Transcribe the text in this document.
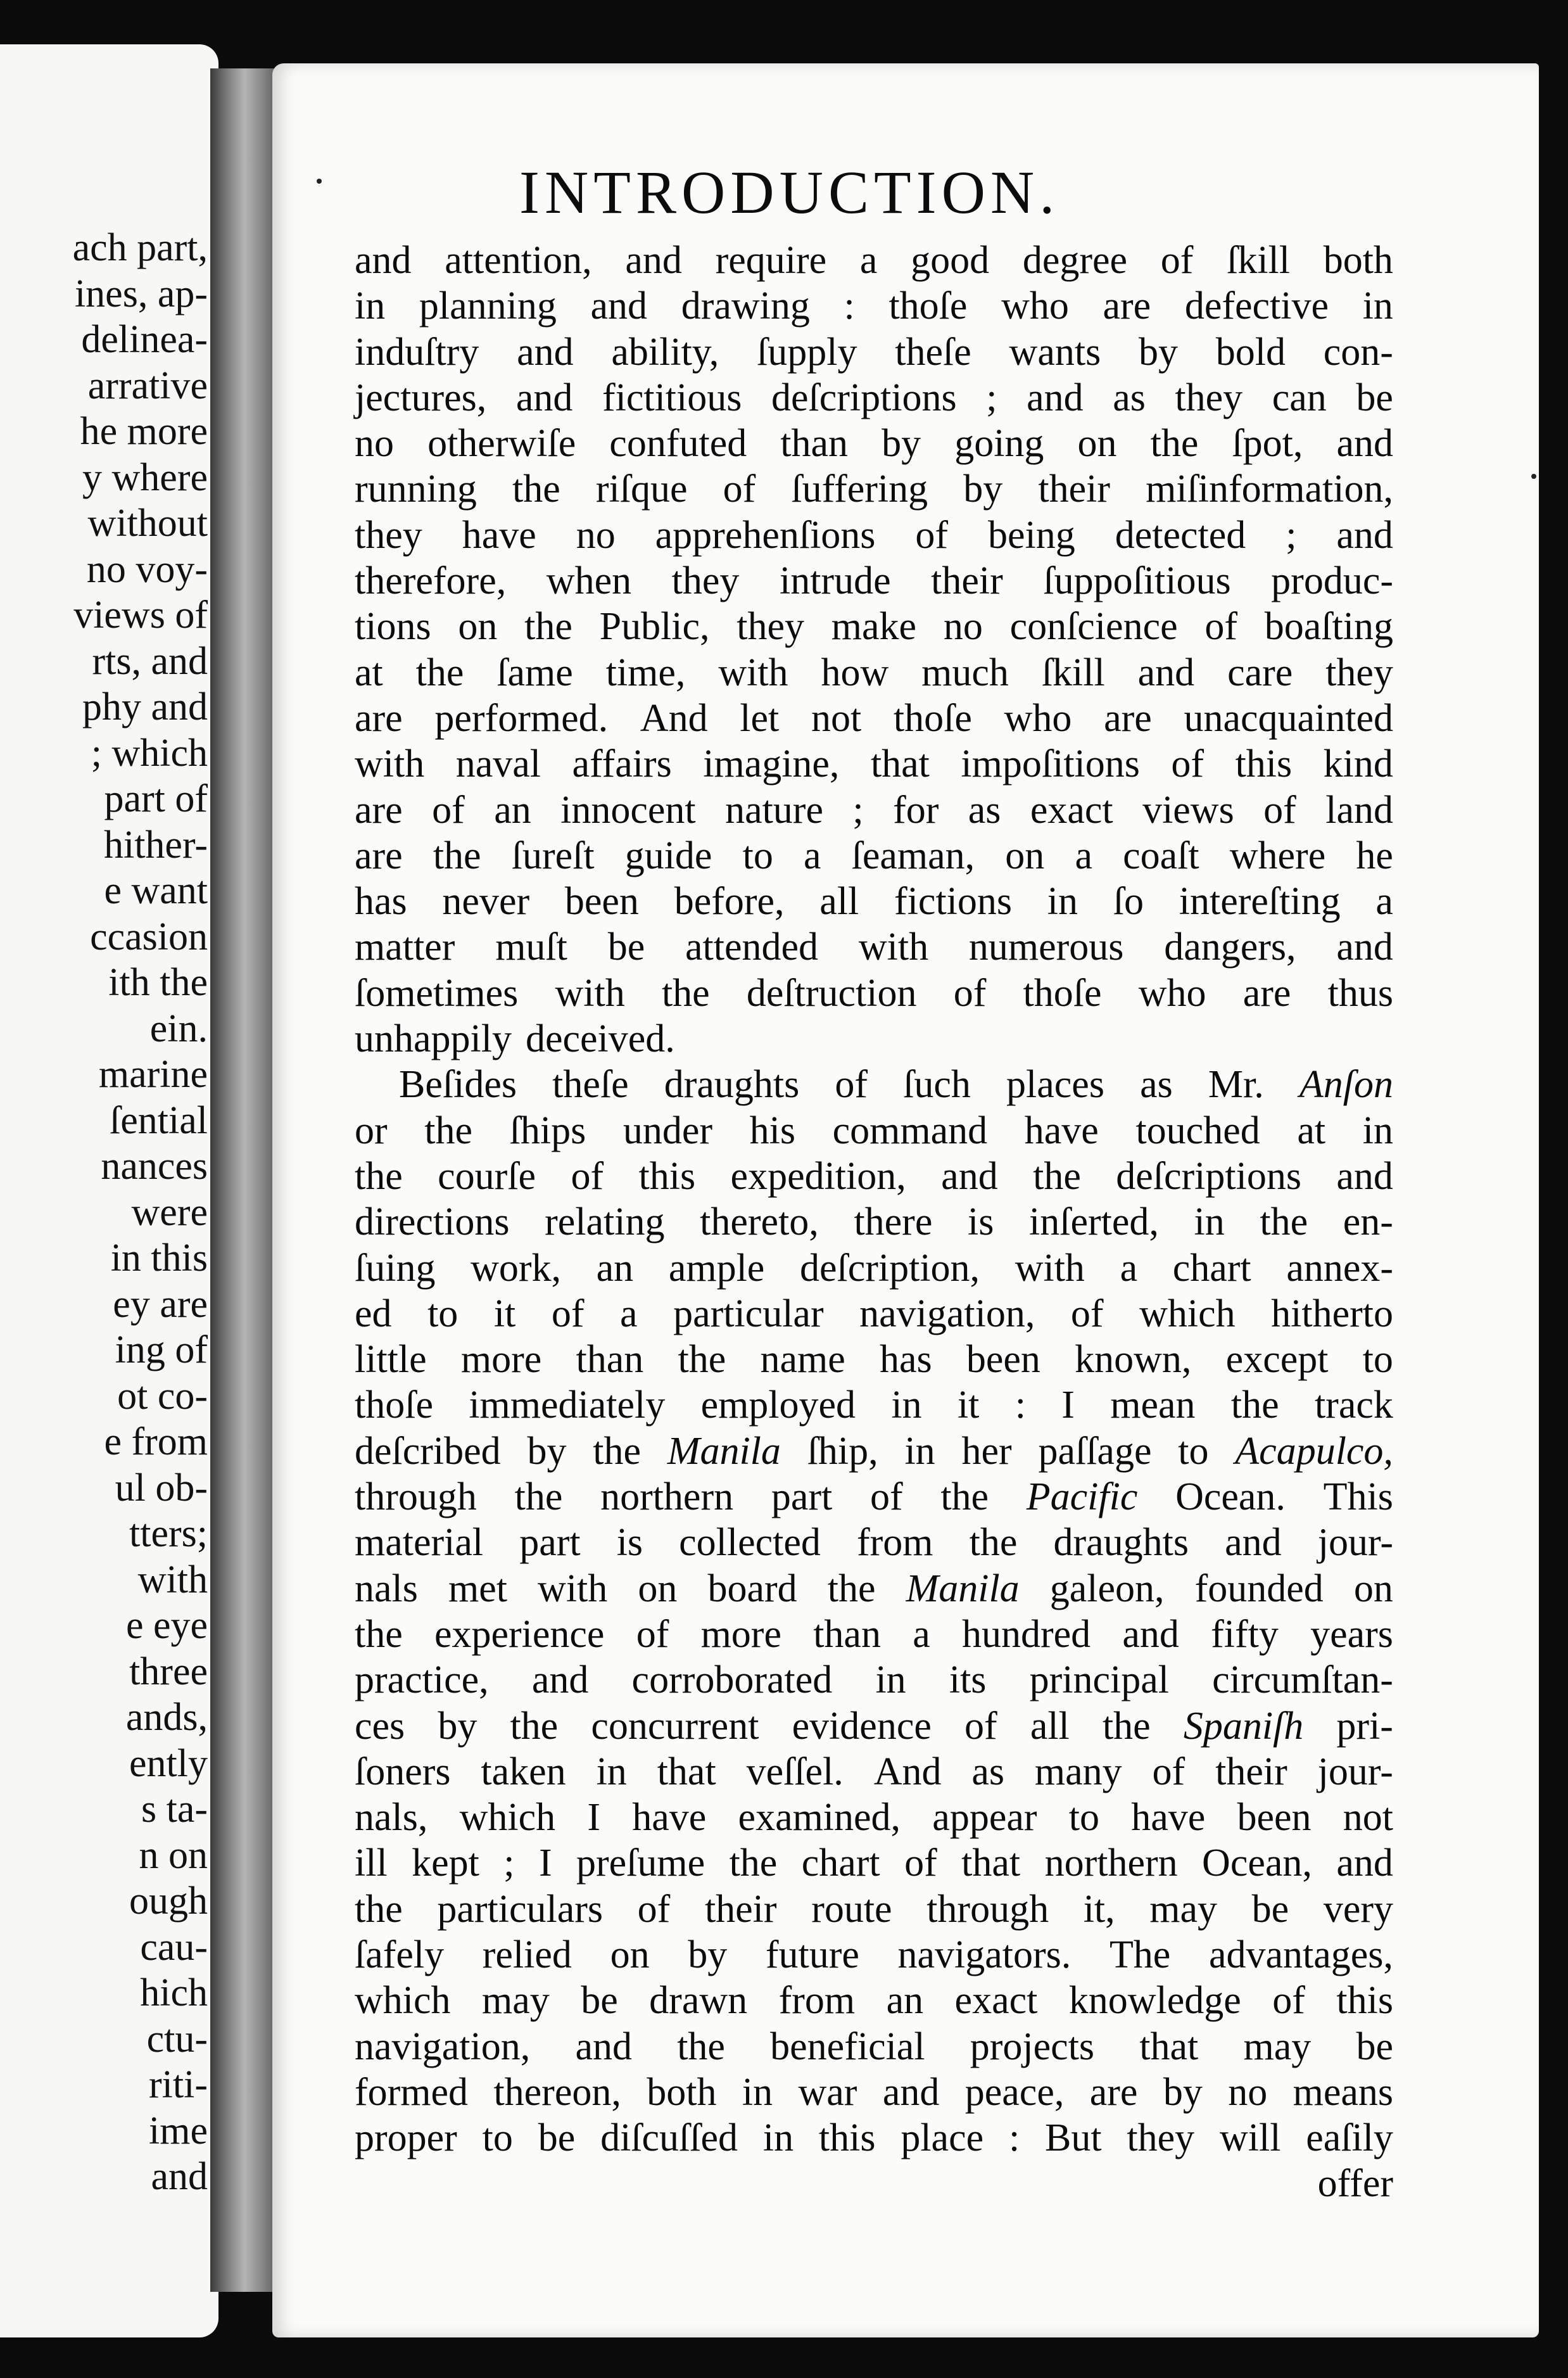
ach part,
ines, ap-
delinea-
arrative
he more
y where
without
no voy-
views of
rts, and
phy and
; which
part of
hither-
e want
ccasion
ith the
ein.
marine
ſential
nances
were
in this
ey are
ing of
ot co-
e from
ul ob-
tters;
with
e eye
three
ands,
ently
s ta-
n on
ough
cau-
hich
ctu-
riti-
ime
and
INTRODUCTION.
and attention, and require a good degree of ſkill both
in planning and drawing : thoſe who are defective in
induſtry and ability, ſupply theſe wants by bold con-
jectures, and fictitious deſcriptions ; and as they can be
no otherwiſe confuted than by going on the ſpot, and
running the riſque of ſuffering by their miſinformation,
they have no apprehenſions of being detected ; and
therefore, when they intrude their ſuppoſitious produc-
tions on the Public, they make no conſcience of boaſting
at the ſame time, with how much ſkill and care they
are performed. And let not thoſe who are unacquainted
with naval affairs imagine, that impoſitions of this kind
are of an innocent nature ; for as exact views of land
are the ſureſt guide to a ſeaman, on a coaſt where he
has never been before, all fictions in ſo intereſting a
matter muſt be attended with numerous dangers, and
ſometimes with the deſtruction of thoſe who are thus
unhappily deceived.
Beſides theſe draughts of ſuch places as Mr. Anſon
or the ſhips under his command have touched at in
the courſe of this expedition, and the deſcriptions and
directions relating thereto, there is inſerted, in the en-
ſuing work, an ample deſcription, with a chart annex-
ed to it of a particular navigation, of which hitherto
little more than the name has been known, except to
thoſe immediately employed in it : I mean the track
deſcribed by the Manila ſhip, in her paſſage to Acapulco,
through the northern part of the Pacific Ocean. This
material part is collected from the draughts and jour-
nals met with on board the Manila galeon, founded on
the experience of more than a hundred and fifty years
practice, and corroborated in its principal circumſtan-
ces by the concurrent evidence of all the Spaniſh pri-
ſoners taken in that veſſel. And as many of their jour-
nals, which I have examined, appear to have been not
ill kept ; I preſume the chart of that northern Ocean, and
the particulars of their route through it, may be very
ſafely relied on by future navigators. The advantages,
which may be drawn from an exact knowledge of this
navigation, and the beneficial projects that may be
formed thereon, both in war and peace, are by no means
proper to be diſcuſſed in this place : But they will eaſily
offer
